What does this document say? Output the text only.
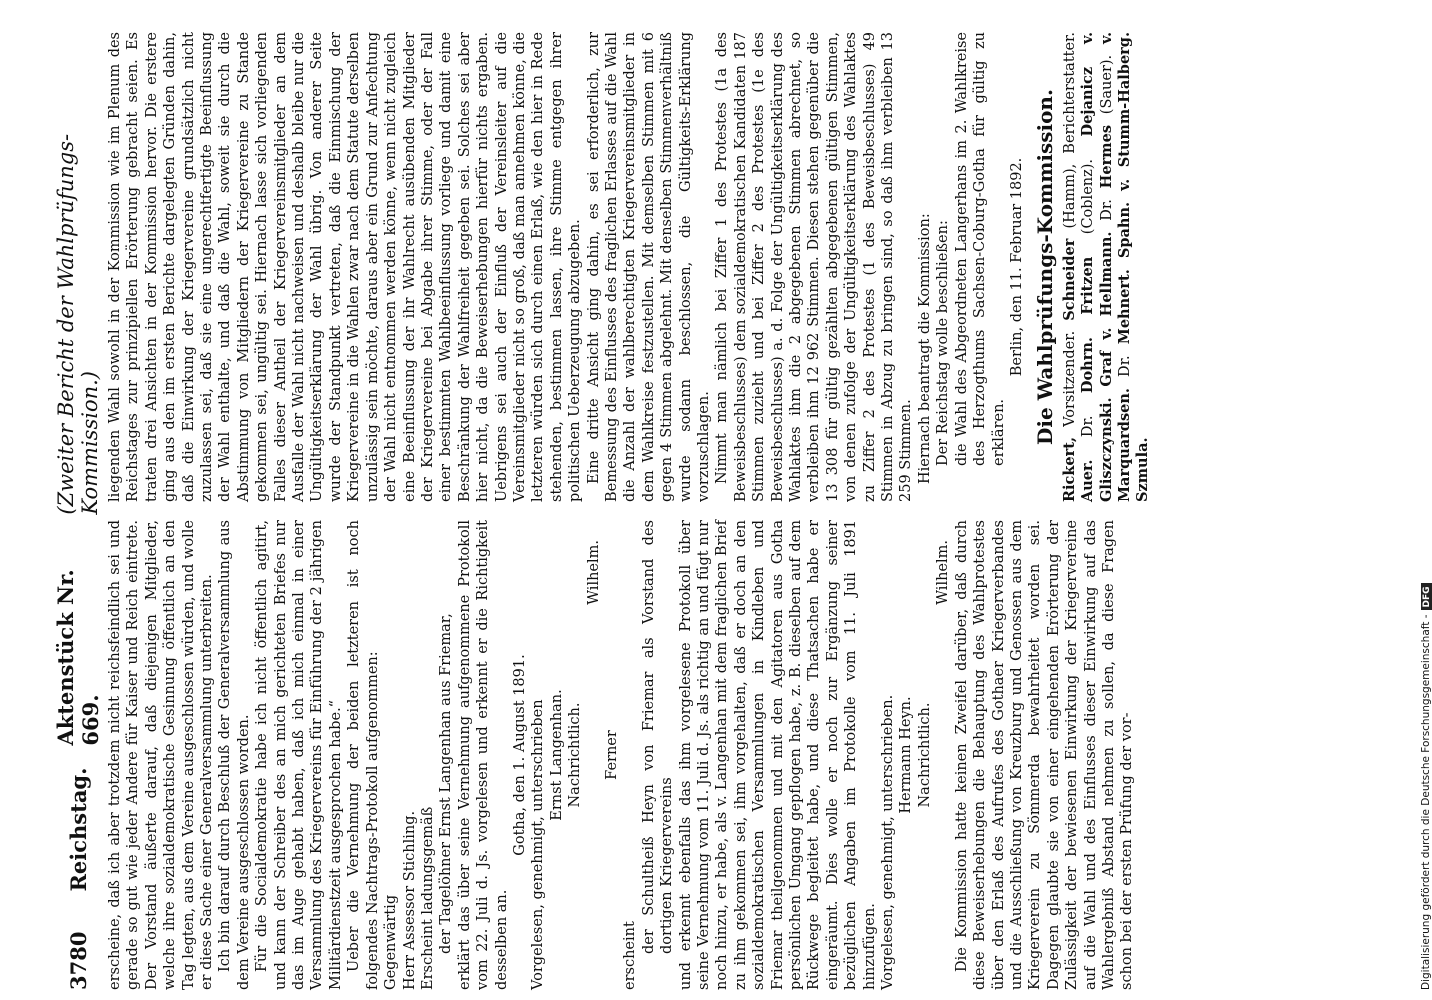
3780
Reichstag.
Aktenstück Nr. 669.
(Zweiter Bericht der Wahlprüfungs-Kommission.)

erscheine, daß ich aber trotzdem nicht reichsfeindlich sei und gerade so gut wie jeder Andere für Kaiser und Reich eintrete. Der Vorstand äußerte darauf, daß diejenigen Mitglieder, welche ihre sozialdemokratische Gesinnung öffentlich an den Tag legten, aus dem Vereine ausgeschlossen würden, und wolle er diese Sache einer Generalversammlung unterbreiten. Ich bin darauf durch Beschluß der Generalversammlung aus dem Vereine ausgeschlossen worden. Für die Socialdemokratie habe ich nicht öffentlich agitirt, und kann der Schreiber des an mich gerichteten Briefes nur das im Auge gehabt haben, daß ich mich einmal in einer Versammlung des Kriegervereins für Einführung der 2 jährigen Militärdienstzeit ausgesprochen habe.“ Ueber die Vernehmung der beiden letzteren ist noch folgendes Nachtrags-Protokoll aufgenommen: Gegenwärtig Herr Assessor Stichling. Erscheint ladungsgemäß der Tagelöhner Ernst Langenhan aus Friemar, erklärt das über seine Vernehmung aufgenommene Protokoll vom 22. Juli d. Js. vorgelesen und erkennt er die Richtigkeit desselben an.

Gotha, den 1. August 1891. Vorgelesen, genehmigt, unterschrieben Ernst Langenhan. Nachrichtlich.

Wilhelm.

Ferner

erscheint

der Schultheiß Heyn von Friemar als Vorstand des dortigen Kriegervereins und erkennt ebenfalls das ihm vorgelesene Protokoll über seine Vernehmung vom 11. Juli d. Js. als richtig an und fügt nur noch hinzu, er habe, als v. Langenhan mit dem fraglichen Brief zu ihm gekommen sei, ihm vorgehalten, daß er doch an den sozialdemokratischen Versammlungen in Kindleben und Friemar theilgenommen und mit den Agitatoren aus Gotha persönlichen Umgang gepflogen habe, z. B. dieselben auf dem Rückwege begleitet habe, und diese Thatsachen habe er eingeräumt. Dies wolle er noch zur Ergänzung seiner bezüglichen Angaben im Protokolle vom 11. Juli 1891 hinzufügen. Vorgelesen, genehmigt, unterschrieben. Hermann Heyn. Nachrichtlich.

Wilhelm. Die Kommission hatte keinen Zweifel darüber, daß durch diese Beweiserhebungen die Behauptung des Wahlprotestes über den Erlaß des Aufrufes des Gothaer Kriegerverbandes und die Ausschließung von Kreuzburg und Genossen aus dem Kriegerverein zu Sömmerda bewahrheitet worden sei. Dagegen glaubte sie von einer eingehenden Erörterung der Zulässigkeit der bewiesenen Einwirkung der Kriegervereine auf die Wahl und des Einflusses dieser Einwirkung auf das Wahlergebniß Abstand nehmen zu sollen, da diese Fragen schon bei der ersten Prüfung der vor-

liegenden Wahl sowohl in der Kommission wie im Plenum des Reichstages zur prinzipiellen Erörterung gebracht seien. Es traten drei Ansichten in der Kommission hervor. Die erstere ging aus den im ersten Berichte dargelegten Gründen dahin, daß die Einwirkung der Kriegervereine grundsätzlich nicht zuzulassen sei, daß sie eine ungerechtfertigte Beeinflussung der Wahl enthalte, und daß die Wahl, soweit sie durch die Abstimmung von Mitgliedern der Kriegervereine zu Stande gekommen sei, ungültig sei. Hiernach lasse sich vorliegenden Falles dieser Antheil der Kriegervereinsmitglieder an dem Ausfalle der Wahl nicht nachweisen und deshalb bleibe nur die Ungültigkeitserklärung der Wahl übrig. Von anderer Seite wurde der Standpunkt vertreten, daß die Einmischung der Kriegervereine in die Wahlen zwar nach dem Statute derselben unzulässig sein möchte, daraus aber ein Grund zur Anfechtung der Wahl nicht entnommen werden könne, wenn nicht zugleich eine Beeinflussung der ihr Wahlrecht ausübenden Mitglieder der Kriegervereine bei Abgabe ihrer Stimme, oder der Fall einer bestimmten Wahlbeeinflussung vorliege und damit eine Beschränkung der Wahlfreiheit gegeben sei. Solches sei aber hier nicht, da die Beweiserhebungen hierfür nichts ergaben. Uebrigens sei auch der Einfluß der Vereinsleiter auf die Vereinsmitglieder nicht so groß, daß man annehmen könne, die letzteren würden sich durch einen Erlaß, wie den hier in Rede stehenden, bestimmen lassen, ihre Stimme entgegen ihrer politischen Ueberzeugung abzugeben. Eine dritte Ansicht ging dahin, es sei erforderlich, zur Bemessung des Einflusses des fraglichen Erlasses auf die Wahl die Anzahl der wahlberechtigten Kriegervereinsmitglieder in dem Wahlkreise festzustellen. Mit demselben Stimmen mit 6 gegen 4 Stimmen abgelehnt. Mit denselben Stimmenverhältniß wurde sodann beschlossen, die Gültigkeits-Erklärung vorzuschlagen. Nimmt man nämlich bei Ziffer 1 des Protestes (1a des Beweisbeschlusses) dem sozialdemokratischen Kandidaten 187 Stimmen zuzieht und bei Ziffer 2 des Protestes (1e des Beweisbeschlusses) a. d. Folge der Ungültigkeitserklärung des Wahlaktes ihm die 2 abgegebenen Stimmen abrechnet, so verbleiben ihm 12 962 Stimmen. Diesen stehen gegenüber die 13 308 für gültig gezählten abgegebenen gültigen Stimmen, von denen zufolge der Ungültigkeitserklärung des Wahlaktes zu Ziffer 2 des Protestes (1 des Beweisbeschlusses) 49 Stimmen in Abzug zu bringen sind, so daß ihm verbleiben 13 259 Stimmen. Hiernach beantragt die Kommission: Der Reichstag wolle beschließen: die Wahl des Abgeordneten Langerhans im 2. Wahlkreise des Herzogthums Sachsen-Coburg-Gotha für gültig zu erklären.

Berlin, den 11. Februar 1892. Die Wahlprüfungs-Kommission.

Rickert, Vorsitzender. Schneider (Hamm), Berichterstatter. Auer. Dr. Dohrn. Fritzen (Coblenz). Dejanicz v. Gliszczynski. Graf v. Hellmann. Dr. Hermes (Sauer). v. Marquardsen. Dr. Mehnert. Spahn. v. Stumm-Halberg. Szmula.

Digitalisierung gefördert durch die Deutsche Forschungsgemeinschaft -DFG
